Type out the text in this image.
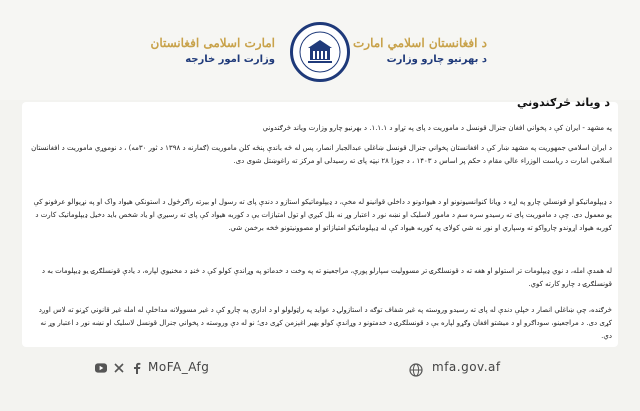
امارت اسلامی افغانستان
وزارت امور خارجه
د افغانستان اسلامي امارت
د بهرنیو چارو وزارت
د ویاند څرګندوني
په مشهد - ایران کې د پخواني افغان جنرال قونسل د ماموریت د پای په تړاو د ۱.۱.۱. د بهرنیو چارو وزارت ویاند څرګندوني
د ایران اسلامي جمهوریت په مشهد ښار کې د افغانستان پخواني جنرال قونسل ښاغلي عبدالجبار انصار، پس له څه باندې پنځه کلن ماموریت (ګمارنه د ۱۳۹۸ د ثور ۳۰مه) ، د نوموړي ماموریت د افغانستان اسلامي امارت د ریاست الوزراء عالي مقام د حکم پر اساس د ۱۴۰۳ ، د جوزا ۲۸ نېټه پای ته رسیدلی او مرکز ته راغوښتل شوی دی.
د ډیپلوماتیکو او قونسلي چارو په اړه د ویانا کنوانسیونونو او د هیوادونو د داخلي قوانینو له مخې، د ډیپلوماتیکو استازو د دندې پای ته رسول او بیرته راګرځول د استونکي هیواد واک او په نړیوالو عرفونو کې یو معمول دی. چې د ماموریت پای ته رسیدو سره سم د مامور لاسلیک او نښه نور د اعتبار وړ نه بلل کیږي او تول امتیازات یې د کوربه هیواد کې پای ته رسیږي او یاد شخص باید دخیل ډیپلوماتیک کارت د کوربه هیواد اړوندو چارواکو ته وسپاري او نور نه شي کولای په کوربه هیواد کې له ډیپلوماتیکو امتیازاتو او مصوونیتونو څخه برخمن شي.
له همدې امله، د نوي ډیپلومات تر استولو او هغه ته د قونسلګرۍ تر مسوولیت سپارلو پورې، مراجعینو ته په وخت د خدماتو په وړاندې کولو کې د څنډ د مخنیوي لپاره، د یادې قونسلګرۍ یو ډیپلومات به د قونسلګرۍ د چارو کارته کوي.
څرګنده، چې ښاغلي انصار د خپلې دندې له پای ته رسیدو وروسته په غیر شفاف توګه د استازولۍ د عواید په راټولولو او د اداري په چارو کې د غیر مسوولانه مداخلې له امله غیر قانوني کړنو ته لاس اوږد کړی دی. د مراجعینو، سوداګرو او د میشتو افغان وګړو لپاره بې د قونسلګرۍ د خدمتونو د وړاندې کولو بهیر اغېزمن کړی دی؛ نو له دې وروسته د پخواني جنرال قونسل لاسلیک او نښه نور د اعتبار وړ نه دي.
MoFA_Afg	mfa.gov.af
